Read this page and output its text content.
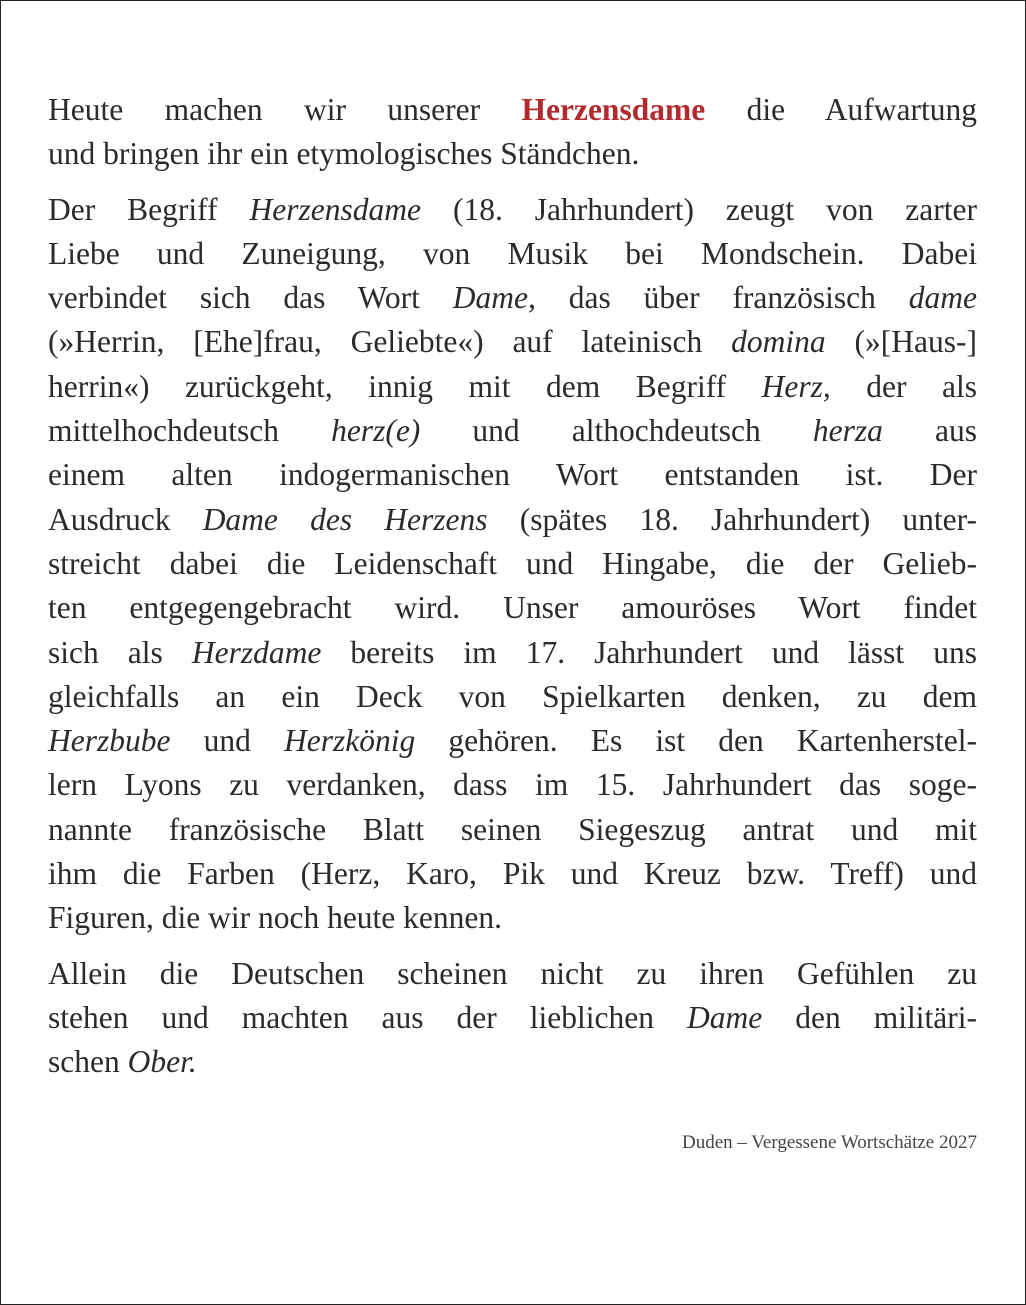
Heute machen wir unserer Herzensdame die Aufwartung
und bringen ihr ein etymologisches Ständchen.
Der Begriff Herzensdame (18. Jahrhundert) zeugt von zarter
Liebe und Zuneigung, von Musik bei Mondschein. Dabei
verbindet sich das Wort Dame, das über französisch dame
(»Herrin, [Ehe]frau, Geliebte«) auf lateinisch domina (»[Haus-]
herrin«) zurückgeht, innig mit dem Begriff Herz, der als
mittelhochdeutsch herz(e) und althochdeutsch herza aus
einem alten indogermanischen Wort entstanden ist. Der
Ausdruck Dame des Herzens (spätes 18. Jahrhundert) unter-
streicht dabei die Leidenschaft und Hingabe, die der Gelieb-
ten entgegengebracht wird. Unser amouröses Wort findet
sich als Herzdame bereits im 17. Jahrhundert und lässt uns
gleichfalls an ein Deck von Spielkarten denken, zu dem
Herzbube und Herzkönig gehören. Es ist den Kartenherstel-
lern Lyons zu verdanken, dass im 15. Jahrhundert das soge-
nannte französische Blatt seinen Siegeszug antrat und mit
ihm die Farben (Herz, Karo, Pik und Kreuz bzw. Treff) und
Figuren, die wir noch heute kennen.
Allein die Deutschen scheinen nicht zu ihren Gefühlen zu
stehen und machten aus der lieblichen Dame den militäri-
schen Ober.
Duden – Vergessene Wortschätze 2027
